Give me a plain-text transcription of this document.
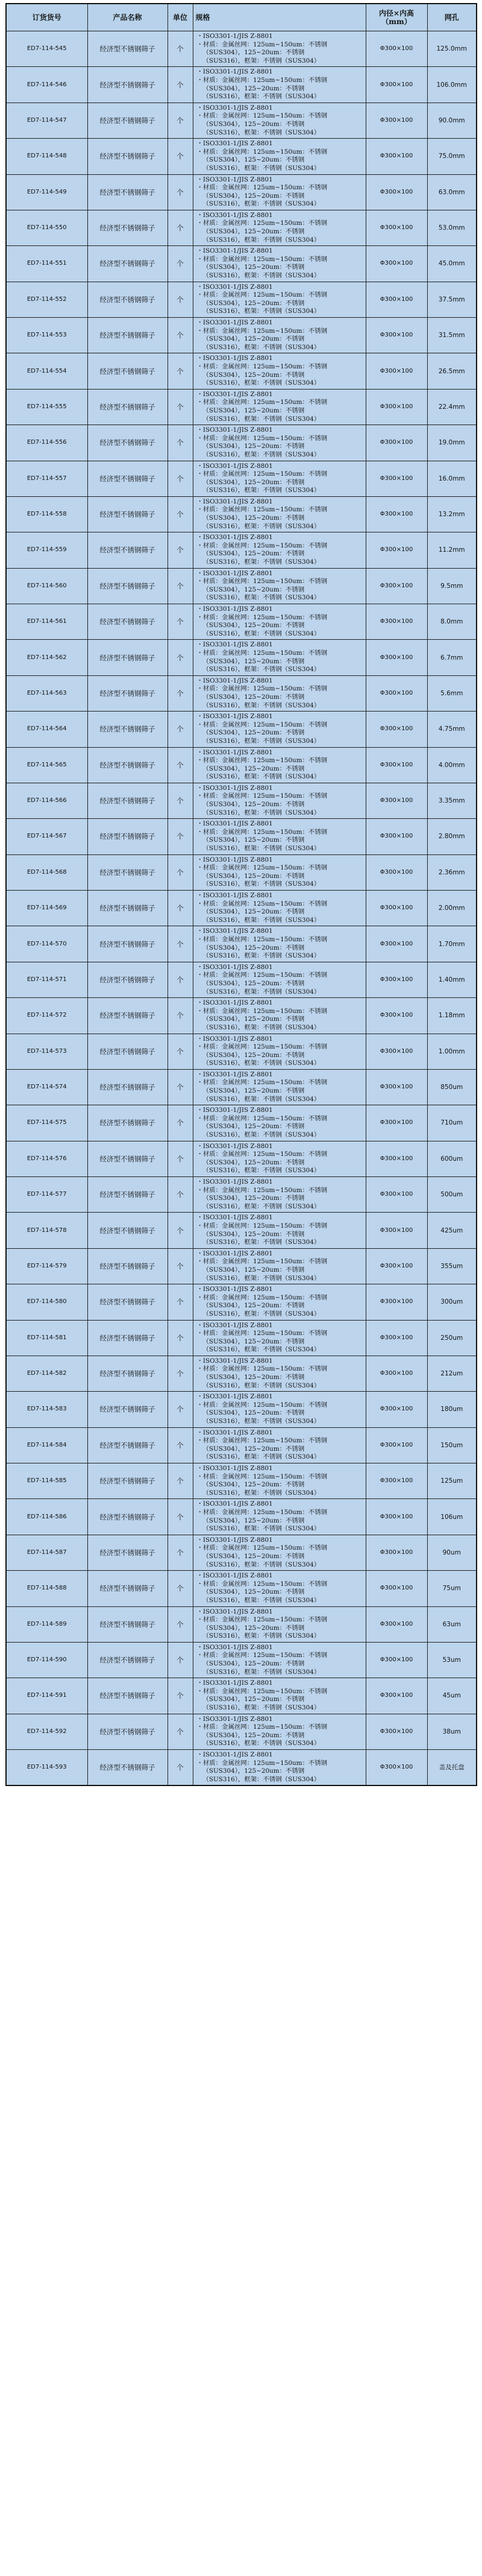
订货货号	产品名称	单位	规格	内径×内高
（mm）	网孔
ED7-114-545	经济型不锈钢筛子	个	・ISO3301-1/JIS Z-8801
・材质：金属丝网：125um~150um：不锈钢
（SUS304），125~20um：不锈钢
（SUS316），框架：不锈钢（SUS304）	Φ300×100	125.0mm
ED7-114-546	经济型不锈钢筛子	个	・ISO3301-1/JIS Z-8801
・材质：金属丝网：125um~150um：不锈钢
（SUS304），125~20um：不锈钢
（SUS316），框架：不锈钢（SUS304）	Φ300×100	106.0mm
ED7-114-547	经济型不锈钢筛子	个	・ISO3301-1/JIS Z-8801
・材质：金属丝网：125um~150um：不锈钢
（SUS304），125~20um：不锈钢
（SUS316），框架：不锈钢（SUS304）	Φ300×100	90.0mm
ED7-114-548	经济型不锈钢筛子	个	・ISO3301-1/JIS Z-8801
・材质：金属丝网：125um~150um：不锈钢
（SUS304），125~20um：不锈钢
（SUS316），框架：不锈钢（SUS304）	Φ300×100	75.0mm
ED7-114-549	经济型不锈钢筛子	个	・ISO3301-1/JIS Z-8801
・材质：金属丝网：125um~150um：不锈钢
（SUS304），125~20um：不锈钢
（SUS316），框架：不锈钢（SUS304）	Φ300×100	63.0mm
ED7-114-550	经济型不锈钢筛子	个	・ISO3301-1/JIS Z-8801
・材质：金属丝网：125um~150um：不锈钢
（SUS304），125~20um：不锈钢
（SUS316），框架：不锈钢（SUS304）	Φ300×100	53.0mm
ED7-114-551	经济型不锈钢筛子	个	・ISO3301-1/JIS Z-8801
・材质：金属丝网：125um~150um：不锈钢
（SUS304），125~20um：不锈钢
（SUS316），框架：不锈钢（SUS304）	Φ300×100	45.0mm
ED7-114-552	经济型不锈钢筛子	个	・ISO3301-1/JIS Z-8801
・材质：金属丝网：125um~150um：不锈钢
（SUS304），125~20um：不锈钢
（SUS316），框架：不锈钢（SUS304）	Φ300×100	37.5mm
ED7-114-553	经济型不锈钢筛子	个	・ISO3301-1/JIS Z-8801
・材质：金属丝网：125um~150um：不锈钢
（SUS304），125~20um：不锈钢
（SUS316），框架：不锈钢（SUS304）	Φ300×100	31.5mm
ED7-114-554	经济型不锈钢筛子	个	・ISO3301-1/JIS Z-8801
・材质：金属丝网：125um~150um：不锈钢
（SUS304），125~20um：不锈钢
（SUS316），框架：不锈钢（SUS304）	Φ300×100	26.5mm
ED7-114-555	经济型不锈钢筛子	个	・ISO3301-1/JIS Z-8801
・材质：金属丝网：125um~150um：不锈钢
（SUS304），125~20um：不锈钢
（SUS316），框架：不锈钢（SUS304）	Φ300×100	22.4mm
ED7-114-556	经济型不锈钢筛子	个	・ISO3301-1/JIS Z-8801
・材质：金属丝网：125um~150um：不锈钢
（SUS304），125~20um：不锈钢
（SUS316），框架：不锈钢（SUS304）	Φ300×100	19.0mm
ED7-114-557	经济型不锈钢筛子	个	・ISO3301-1/JIS Z-8801
・材质：金属丝网：125um~150um：不锈钢
（SUS304），125~20um：不锈钢
（SUS316），框架：不锈钢（SUS304）	Φ300×100	16.0mm
ED7-114-558	经济型不锈钢筛子	个	・ISO3301-1/JIS Z-8801
・材质：金属丝网：125um~150um：不锈钢
（SUS304），125~20um：不锈钢
（SUS316），框架：不锈钢（SUS304）	Φ300×100	13.2mm
ED7-114-559	经济型不锈钢筛子	个	・ISO3301-1/JIS Z-8801
・材质：金属丝网：125um~150um：不锈钢
（SUS304），125~20um：不锈钢
（SUS316），框架：不锈钢（SUS304）	Φ300×100	11.2mm
ED7-114-560	经济型不锈钢筛子	个	・ISO3301-1/JIS Z-8801
・材质：金属丝网：125um~150um：不锈钢
（SUS304），125~20um：不锈钢
（SUS316），框架：不锈钢（SUS304）	Φ300×100	9.5mm
ED7-114-561	经济型不锈钢筛子	个	・ISO3301-1/JIS Z-8801
・材质：金属丝网：125um~150um：不锈钢
（SUS304），125~20um：不锈钢
（SUS316），框架：不锈钢（SUS304）	Φ300×100	8.0mm
ED7-114-562	经济型不锈钢筛子	个	・ISO3301-1/JIS Z-8801
・材质：金属丝网：125um~150um：不锈钢
（SUS304），125~20um：不锈钢
（SUS316），框架：不锈钢（SUS304）	Φ300×100	6.7mm
ED7-114-563	经济型不锈钢筛子	个	・ISO3301-1/JIS Z-8801
・材质：金属丝网：125um~150um：不锈钢
（SUS304），125~20um：不锈钢
（SUS316），框架：不锈钢（SUS304）	Φ300×100	5.6mm
ED7-114-564	经济型不锈钢筛子	个	・ISO3301-1/JIS Z-8801
・材质：金属丝网：125um~150um：不锈钢
（SUS304），125~20um：不锈钢
（SUS316），框架：不锈钢（SUS304）	Φ300×100	4.75mm
ED7-114-565	经济型不锈钢筛子	个	・ISO3301-1/JIS Z-8801
・材质：金属丝网：125um~150um：不锈钢
（SUS304），125~20um：不锈钢
（SUS316），框架：不锈钢（SUS304）	Φ300×100	4.00mm
ED7-114-566	经济型不锈钢筛子	个	・ISO3301-1/JIS Z-8801
・材质：金属丝网：125um~150um：不锈钢
（SUS304），125~20um：不锈钢
（SUS316），框架：不锈钢（SUS304）	Φ300×100	3.35mm
ED7-114-567	经济型不锈钢筛子	个	・ISO3301-1/JIS Z-8801
・材质：金属丝网：125um~150um：不锈钢
（SUS304），125~20um：不锈钢
（SUS316），框架：不锈钢（SUS304）	Φ300×100	2.80mm
ED7-114-568	经济型不锈钢筛子	个	・ISO3301-1/JIS Z-8801
・材质：金属丝网：125um~150um：不锈钢
（SUS304），125~20um：不锈钢
（SUS316），框架：不锈钢（SUS304）	Φ300×100	2.36mm
ED7-114-569	经济型不锈钢筛子	个	・ISO3301-1/JIS Z-8801
・材质：金属丝网：125um~150um：不锈钢
（SUS304），125~20um：不锈钢
（SUS316），框架：不锈钢（SUS304）	Φ300×100	2.00mm
ED7-114-570	经济型不锈钢筛子	个	・ISO3301-1/JIS Z-8801
・材质：金属丝网：125um~150um：不锈钢
（SUS304），125~20um：不锈钢
（SUS316），框架：不锈钢（SUS304）	Φ300×100	1.70mm
ED7-114-571	经济型不锈钢筛子	个	・ISO3301-1/JIS Z-8801
・材质：金属丝网：125um~150um：不锈钢
（SUS304），125~20um：不锈钢
（SUS316），框架：不锈钢（SUS304）	Φ300×100	1.40mm
ED7-114-572	经济型不锈钢筛子	个	・ISO3301-1/JIS Z-8801
・材质：金属丝网：125um~150um：不锈钢
（SUS304），125~20um：不锈钢
（SUS316），框架：不锈钢（SUS304）	Φ300×100	1.18mm
ED7-114-573	经济型不锈钢筛子	个	・ISO3301-1/JIS Z-8801
・材质：金属丝网：125um~150um：不锈钢
（SUS304），125~20um：不锈钢
（SUS316），框架：不锈钢（SUS304）	Φ300×100	1.00mm
ED7-114-574	经济型不锈钢筛子	个	・ISO3301-1/JIS Z-8801
・材质：金属丝网：125um~150um：不锈钢
（SUS304），125~20um：不锈钢
（SUS316），框架：不锈钢（SUS304）	Φ300×100	850um
ED7-114-575	经济型不锈钢筛子	个	・ISO3301-1/JIS Z-8801
・材质：金属丝网：125um~150um：不锈钢
（SUS304），125~20um：不锈钢
（SUS316），框架：不锈钢（SUS304）	Φ300×100	710um
ED7-114-576	经济型不锈钢筛子	个	・ISO3301-1/JIS Z-8801
・材质：金属丝网：125um~150um：不锈钢
（SUS304），125~20um：不锈钢
（SUS316），框架：不锈钢（SUS304）	Φ300×100	600um
ED7-114-577	经济型不锈钢筛子	个	・ISO3301-1/JIS Z-8801
・材质：金属丝网：125um~150um：不锈钢
（SUS304），125~20um：不锈钢
（SUS316），框架：不锈钢（SUS304）	Φ300×100	500um
ED7-114-578	经济型不锈钢筛子	个	・ISO3301-1/JIS Z-8801
・材质：金属丝网：125um~150um：不锈钢
（SUS304），125~20um：不锈钢
（SUS316），框架：不锈钢（SUS304）	Φ300×100	425um
ED7-114-579	经济型不锈钢筛子	个	・ISO3301-1/JIS Z-8801
・材质：金属丝网：125um~150um：不锈钢
（SUS304），125~20um：不锈钢
（SUS316），框架：不锈钢（SUS304）	Φ300×100	355um
ED7-114-580	经济型不锈钢筛子	个	・ISO3301-1/JIS Z-8801
・材质：金属丝网：125um~150um：不锈钢
（SUS304），125~20um：不锈钢
（SUS316），框架：不锈钢（SUS304）	Φ300×100	300um
ED7-114-581	经济型不锈钢筛子	个	・ISO3301-1/JIS Z-8801
・材质：金属丝网：125um~150um：不锈钢
（SUS304），125~20um：不锈钢
（SUS316），框架：不锈钢（SUS304）	Φ300×100	250um
ED7-114-582	经济型不锈钢筛子	个	・ISO3301-1/JIS Z-8801
・材质：金属丝网：125um~150um：不锈钢
（SUS304），125~20um：不锈钢
（SUS316），框架：不锈钢（SUS304）	Φ300×100	212um
ED7-114-583	经济型不锈钢筛子	个	・ISO3301-1/JIS Z-8801
・材质：金属丝网：125um~150um：不锈钢
（SUS304），125~20um：不锈钢
（SUS316），框架：不锈钢（SUS304）	Φ300×100	180um
ED7-114-584	经济型不锈钢筛子	个	・ISO3301-1/JIS Z-8801
・材质：金属丝网：125um~150um：不锈钢
（SUS304），125~20um：不锈钢
（SUS316），框架：不锈钢（SUS304）	Φ300×100	150um
ED7-114-585	经济型不锈钢筛子	个	・ISO3301-1/JIS Z-8801
・材质：金属丝网：125um~150um：不锈钢
（SUS304），125~20um：不锈钢
（SUS316），框架：不锈钢（SUS304）	Φ300×100	125um
ED7-114-586	经济型不锈钢筛子	个	・ISO3301-1/JIS Z-8801
・材质：金属丝网：125um~150um：不锈钢
（SUS304），125~20um：不锈钢
（SUS316），框架：不锈钢（SUS304）	Φ300×100	106um
ED7-114-587	经济型不锈钢筛子	个	・ISO3301-1/JIS Z-8801
・材质：金属丝网：125um~150um：不锈钢
（SUS304），125~20um：不锈钢
（SUS316），框架：不锈钢（SUS304）	Φ300×100	90um
ED7-114-588	经济型不锈钢筛子	个	・ISO3301-1/JIS Z-8801
・材质：金属丝网：125um~150um：不锈钢
（SUS304），125~20um：不锈钢
（SUS316），框架：不锈钢（SUS304）	Φ300×100	75um
ED7-114-589	经济型不锈钢筛子	个	・ISO3301-1/JIS Z-8801
・材质：金属丝网：125um~150um：不锈钢
（SUS304），125~20um：不锈钢
（SUS316），框架：不锈钢（SUS304）	Φ300×100	63um
ED7-114-590	经济型不锈钢筛子	个	・ISO3301-1/JIS Z-8801
・材质：金属丝网：125um~150um：不锈钢
（SUS304），125~20um：不锈钢
（SUS316），框架：不锈钢（SUS304）	Φ300×100	53um
ED7-114-591	经济型不锈钢筛子	个	・ISO3301-1/JIS Z-8801
・材质：金属丝网：125um~150um：不锈钢
（SUS304），125~20um：不锈钢
（SUS316），框架：不锈钢（SUS304）	Φ300×100	45um
ED7-114-592	经济型不锈钢筛子	个	・ISO3301-1/JIS Z-8801
・材质：金属丝网：125um~150um：不锈钢
（SUS304），125~20um：不锈钢
（SUS316），框架：不锈钢（SUS304）	Φ300×100	38um
ED7-114-593	经济型不锈钢筛子	个	・ISO3301-1/JIS Z-8801
・材质：金属丝网：125um~150um：不锈钢
（SUS304），125~20um：不锈钢
（SUS316），框架：不锈钢（SUS304）	Φ300×100	盖及托盘
